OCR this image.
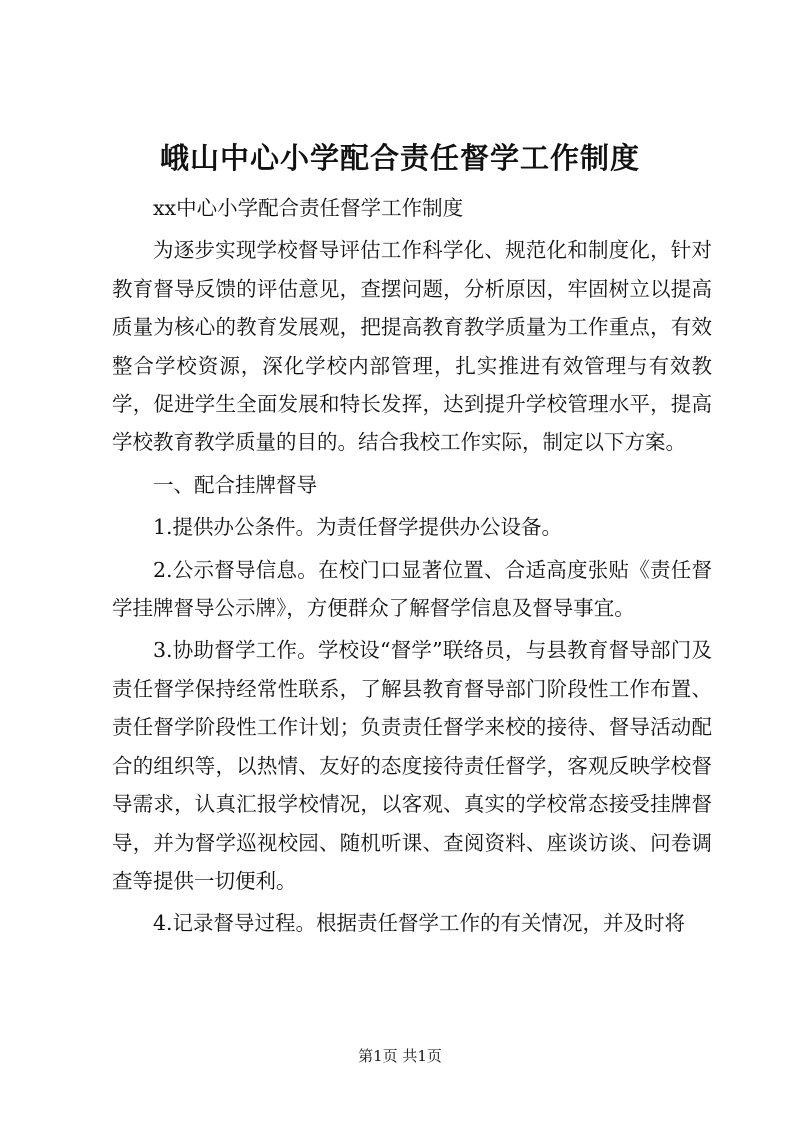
峨山中心小学配合责任督学工作制度

xx中心小学配合责任督学工作制度

为逐步实现学校督导评估工作科学化、规范化和制度化，针对教育督导反馈的评估意见，查摆问题，分析原因，牢固树立以提高质量为核心的教育发展观，把提高教育教学质量为工作重点，有效整合学校资源，深化学校内部管理，扎实推进有效管理与有效教学，促进学生全面发展和特长发挥，达到提升学校管理水平，提高学校教育教学质量的目的。结合我校工作实际，制定以下方案。

一、配合挂牌督导

1.提供办公条件。为责任督学提供办公设备。

2.公示督导信息。在校门口显著位置、合适高度张贴《责任督学挂牌督导公示牌》，方便群众了解督学信息及督导事宜。

3.协助督学工作。学校设“督学”联络员，与县教育督导部门及责任督学保持经常性联系，了解县教育督导部门阶段性工作布置、责任督学阶段性工作计划；负责责任督学来校的接待、督导活动配合的组织等，以热情、友好的态度接待责任督学，客观反映学校督导需求，认真汇报学校情况，以客观、真实的学校常态接受挂牌督导，并为督学巡视校园、随机听课、查阅资料、座谈访谈、问卷调查等提供一切便利。

4.记录督导过程。根据责任督学工作的有关情况，并及时将

第1页 共1页
